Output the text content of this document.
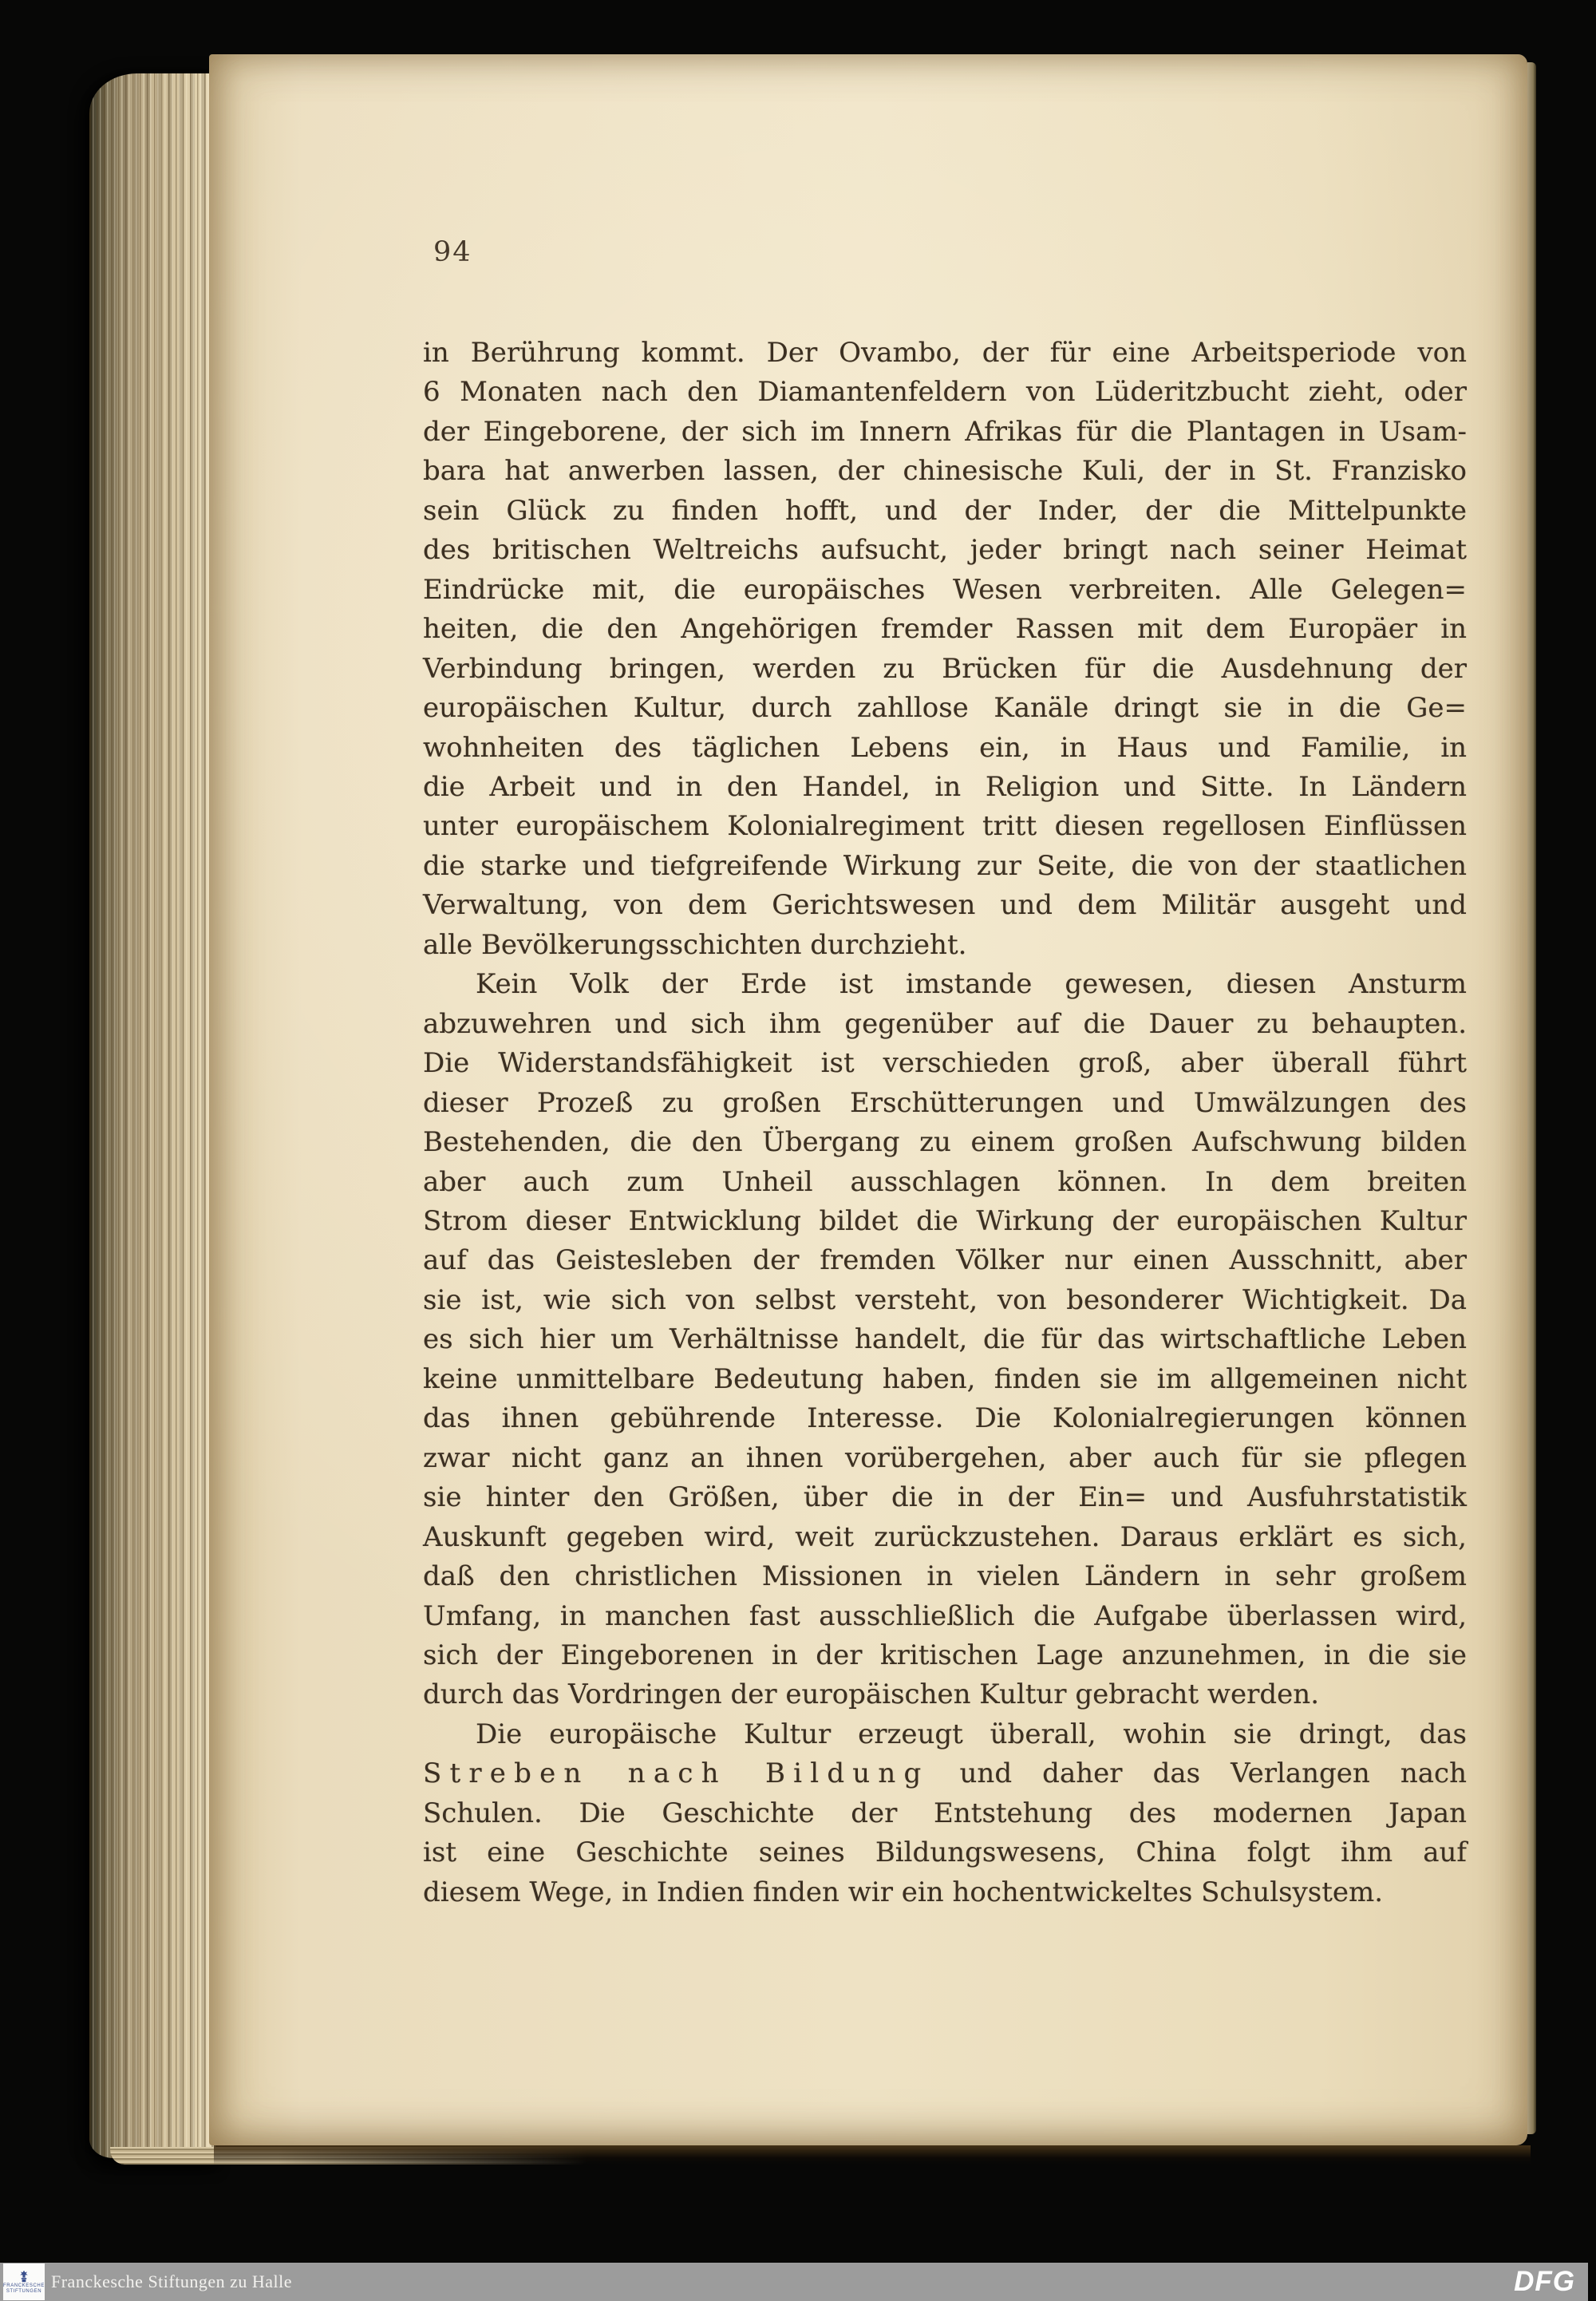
94
in Berührung kommt. Der Ovambo, der für eine Arbeitsperiode von
6 Monaten nach den Diamantenfeldern von Lüderitzbucht zieht, oder
der Eingeborene, der sich im Innern Afrikas für die Plantagen in Usam-
bara hat anwerben lassen, der chinesische Kuli, der in St. Franzisko
sein Glück zu finden hofft, und der Inder, der die Mittelpunkte
des britischen Weltreichs aufsucht, jeder bringt nach seiner Heimat
Eindrücke mit, die europäisches Wesen verbreiten. Alle Gelegen=
heiten, die den Angehörigen fremder Rassen mit dem Europäer in
Verbindung bringen, werden zu Brücken für die Ausdehnung der
europäischen Kultur, durch zahllose Kanäle dringt sie in die Ge=
wohnheiten des täglichen Lebens ein, in Haus und Familie, in
die Arbeit und in den Handel, in Religion und Sitte. In Ländern
unter europäischem Kolonialregiment tritt diesen regellosen Einflüssen
die starke und tiefgreifende Wirkung zur Seite, die von der staatlichen
Verwaltung, von dem Gerichtswesen und dem Militär ausgeht und
alle Bevölkerungsschichten durchzieht.
Kein Volk der Erde ist imstande gewesen, diesen Ansturm
abzuwehren und sich ihm gegenüber auf die Dauer zu behaupten.
Die Widerstandsfähigkeit ist verschieden groß, aber überall führt
dieser Prozeß zu großen Erschütterungen und Umwälzungen des
Bestehenden, die den Übergang zu einem großen Aufschwung bilden
aber auch zum Unheil ausschlagen können. In dem breiten
Strom dieser Entwicklung bildet die Wirkung der europäischen Kultur
auf das Geistesleben der fremden Völker nur einen Ausschnitt, aber
sie ist, wie sich von selbst versteht, von besonderer Wichtigkeit. Da
es sich hier um Verhältnisse handelt, die für das wirtschaftliche Leben
keine unmittelbare Bedeutung haben, finden sie im allgemeinen nicht
das ihnen gebührende Interesse. Die Kolonialregierungen können
zwar nicht ganz an ihnen vorübergehen, aber auch für sie pflegen
sie hinter den Größen, über die in der Ein= und Ausfuhrstatistik
Auskunft gegeben wird, weit zurückzustehen. Daraus erklärt es sich,
daß den christlichen Missionen in vielen Ländern in sehr großem
Umfang, in manchen fast ausschließlich die Aufgabe überlassen wird,
sich der Eingeborenen in der kritischen Lage anzunehmen, in die sie
durch das Vordringen der europäischen Kultur gebracht werden.
Die europäische Kultur erzeugt überall, wohin sie dringt, das
Streben nach Bildung und daher das Verlangen nach
Schulen. Die Geschichte der Entstehung des modernen Japan
ist eine Geschichte seines Bildungswesens, China folgt ihm auf
diesem Wege, in Indien finden wir ein hochentwickeltes Schulsystem.
FRANCKESCHE
STIFTUNGEN Franckesche Stiftungen zu Halle	DFG
